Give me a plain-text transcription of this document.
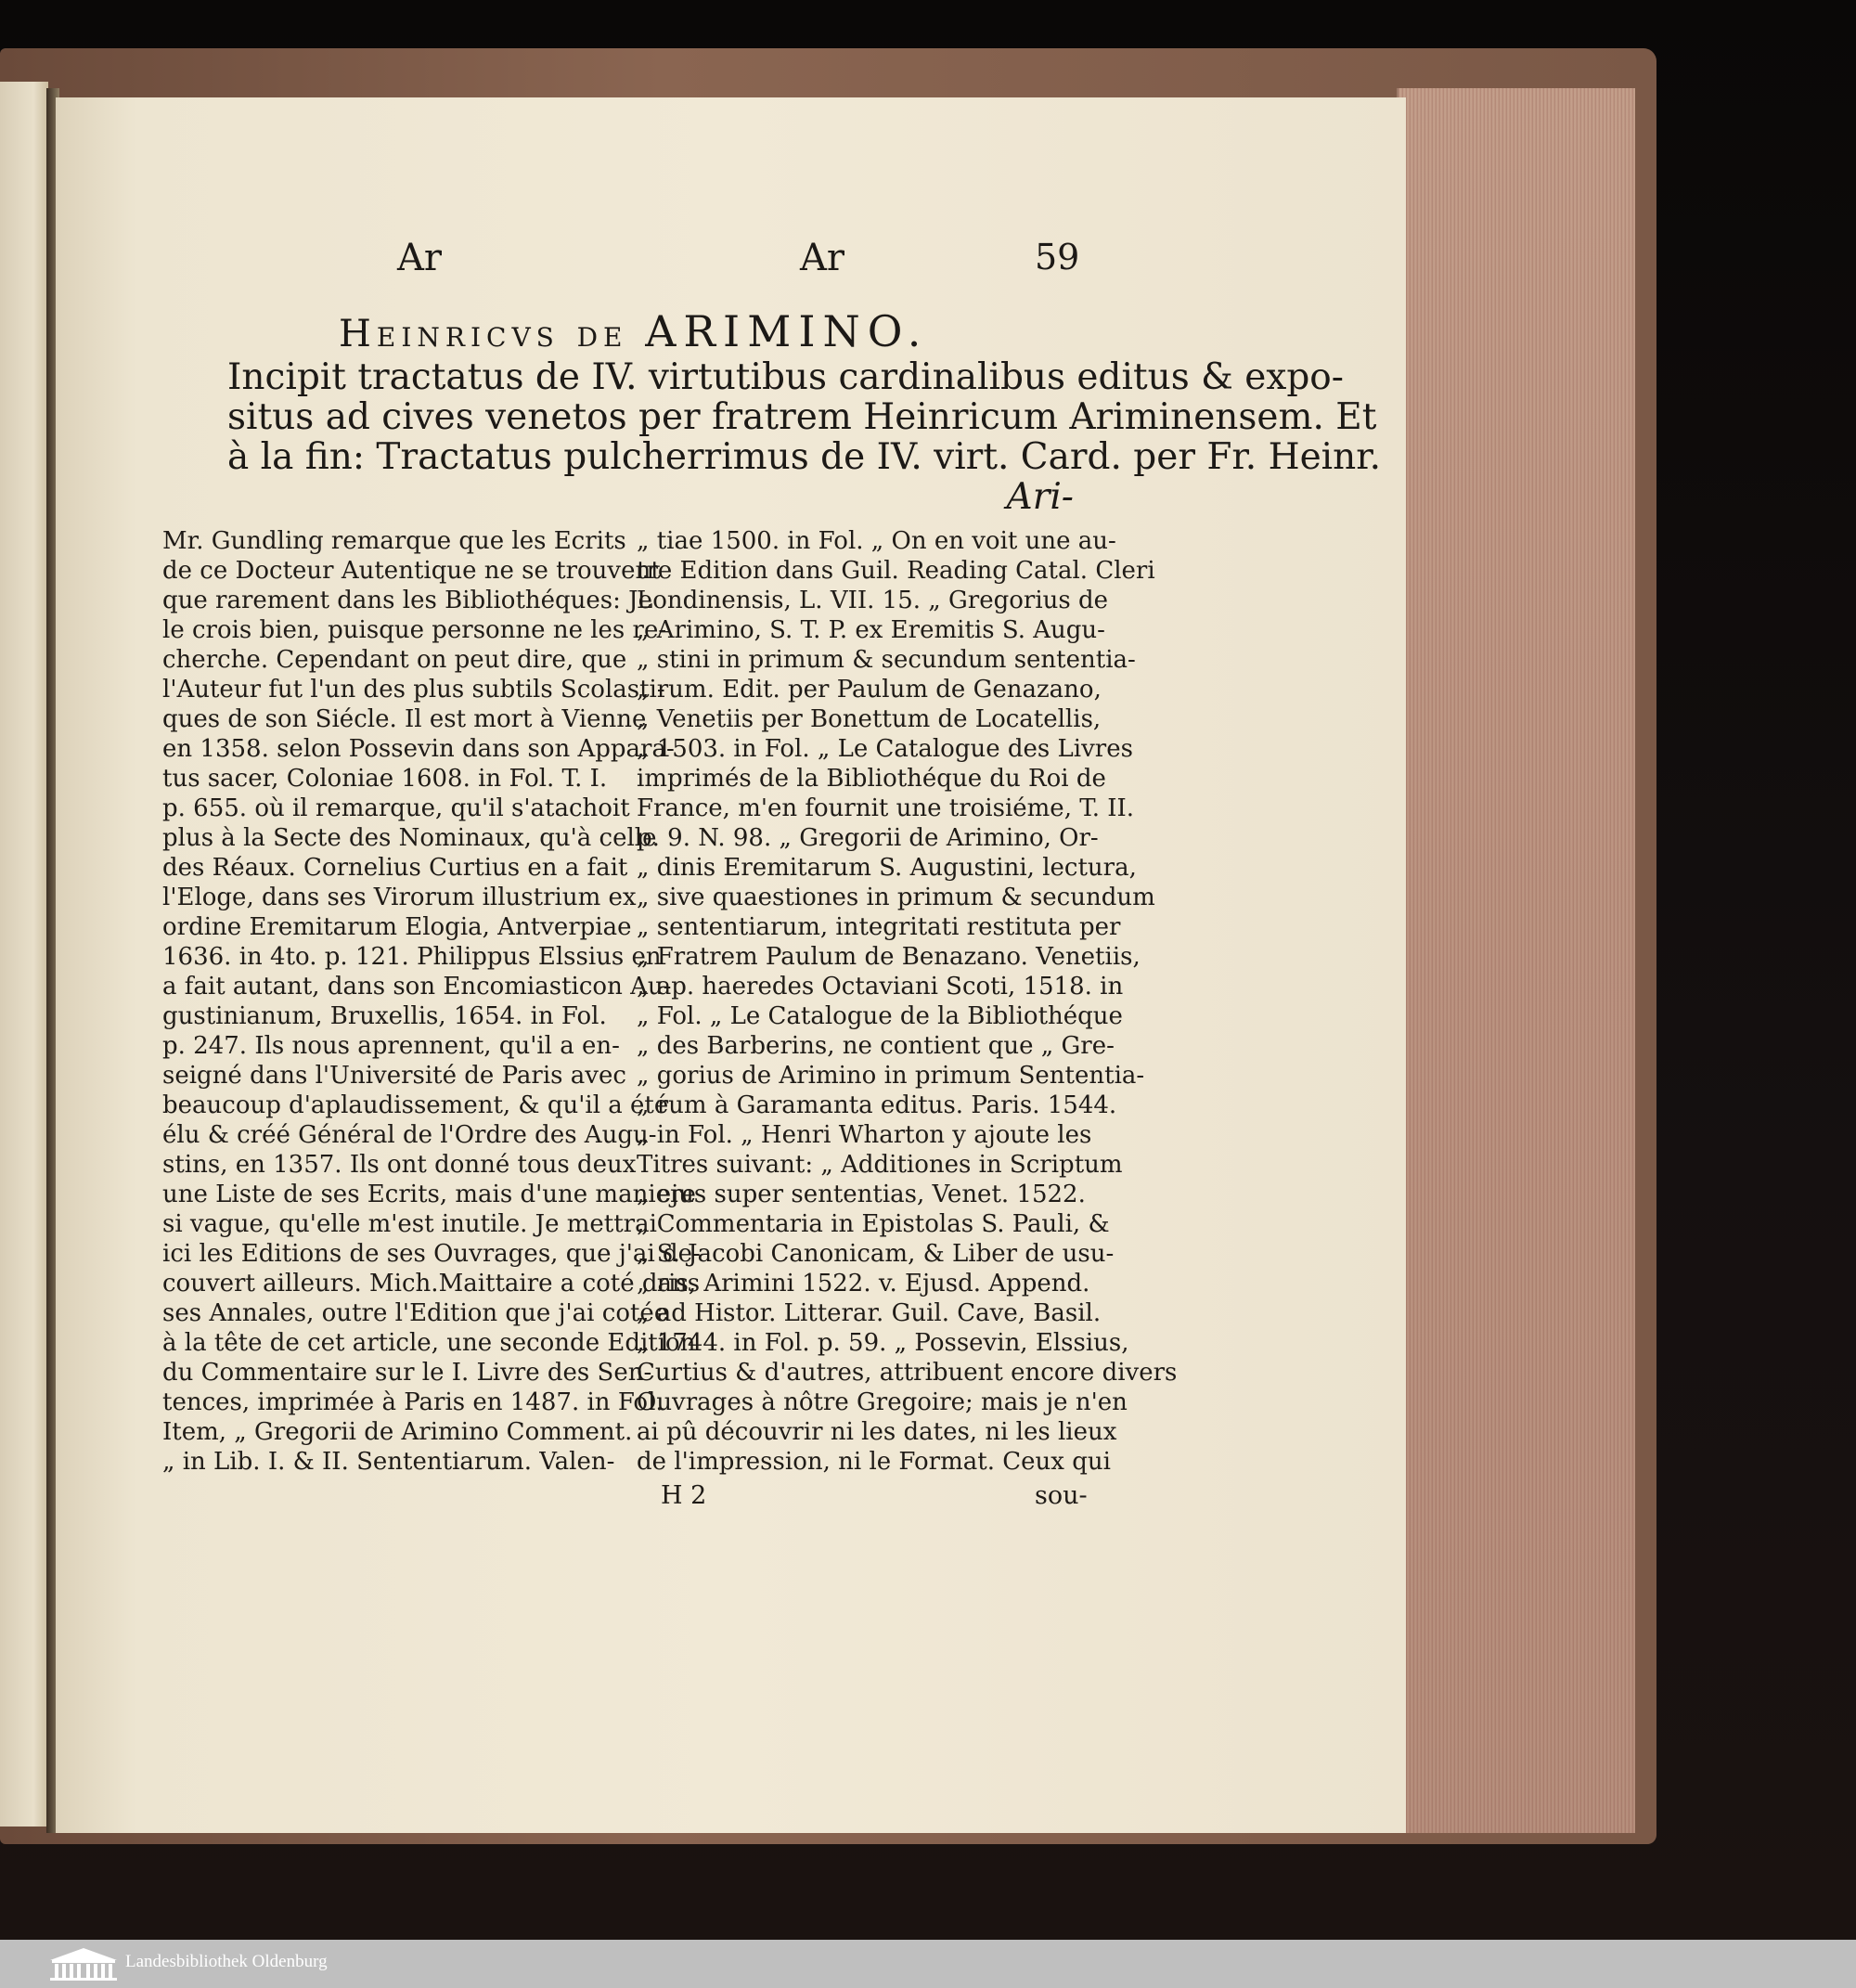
Ar	Ar	59
Heinricvs de ARIMINO.
Incipit tractatus de IV. virtutibus cardinalibus editus & expo-
situs ad cives venetos per fratrem Heinricum Ariminensem. Et
à la fin: Tractatus pulcherrimus de IV. virt. Card. per Fr. Heinr.
Ari-
Mr. Gundling remarque que les Ecrits
de ce Docteur Autentique ne se trouvent
que rarement dans les Bibliothéques: Je
le crois bien, puisque personne ne les re-
cherche. Cependant on peut dire, que
l'Auteur fut l'un des plus subtils Scolasti-
ques de son Siécle. Il est mort à Vienne
en 1358. selon Possevin dans son Appara-
tus sacer, Coloniae 1608. in Fol. T. I.
p. 655. où il remarque, qu'il s'atachoit
plus à la Secte des Nominaux, qu'à celle
des Réaux. Cornelius Curtius en a fait
l'Eloge, dans ses Virorum illustrium ex
ordine Eremitarum Elogia, Antverpiae
1636. in 4to. p. 121. Philippus Elssius en
a fait autant, dans son Encomiasticon Au-
gustinianum, Bruxellis, 1654. in Fol.
p. 247. Ils nous aprennent, qu'il a en-
seigné dans l'Université de Paris avec
beaucoup d'aplaudissement, & qu'il a été
élu & créé Général de l'Ordre des Augu-
stins, en 1357. Ils ont donné tous deux
une Liste de ses Ecrits, mais d'une maniere
si vague, qu'elle m'est inutile. Je mettrai
ici les Editions de ses Ouvrages, que j'ai de-
couvert ailleurs. Mich.Maittaire a coté dans
ses Annales, outre l'Edition que j'ai cotée
à la tête de cet article, une seconde Edition
du Commentaire sur le I. Livre des Sen-
tences, imprimée à Paris en 1487. in Fol.
Item, „ Gregorii de Arimino Comment.
„ in Lib. I. & II. Sententiarum. Valen-
„ tiae 1500. in Fol. „ On en voit une au-
tre Edition dans Guil. Reading Catal. Cleri
Londinensis, L. VII. 15. „ Gregorius de
„ Arimino, S. T. P. ex Eremitis S. Augu-
„ stini in primum & secundum sententia-
„ rum. Edit. per Paulum de Genazano,
„ Venetiis per Bonettum de Locatellis,
„ 1503. in Fol. „ Le Catalogue des Livres
imprimés de la Bibliothéque du Roi de
France, m'en fournit une troisiéme, T. II.
p. 9. N. 98. „ Gregorii de Arimino, Or-
„ dinis Eremitarum S. Augustini, lectura,
„ sive quaestiones in primum & secundum
„ sententiarum, integritati restituta per
„ Fratrem Paulum de Benazano. Venetiis,
„ ap. haeredes Octaviani Scoti, 1518. in
„ Fol. „ Le Catalogue de la Bibliothéque
„ des Barberins, ne contient que „ Gre-
„ gorius de Arimino in primum Sententia-
„ rum à Garamanta editus. Paris. 1544.
„ in Fol. „ Henri Wharton y ajoute les
Titres suivant: „ Additiones in Scriptum
„ ejus super sententias, Venet. 1522.
„ Commentaria in Epistolas S. Pauli, &
„ S. Jacobi Canonicam, & Liber de usu-
„ ris, Arimini 1522. v. Ejusd. Append.
„ ad Histor. Litterar. Guil. Cave, Basil.
„ 1744. in Fol. p. 59. „ Possevin, Elssius,
Curtius & d'autres, attribuent encore divers
Ouvrages à nôtre Gregoire; mais je n'en
ai pû découvrir ni les dates, ni les lieux
de l'impression, ni le Format. Ceux qui
H 2	sou-
Landesbibliothek Oldenburg
